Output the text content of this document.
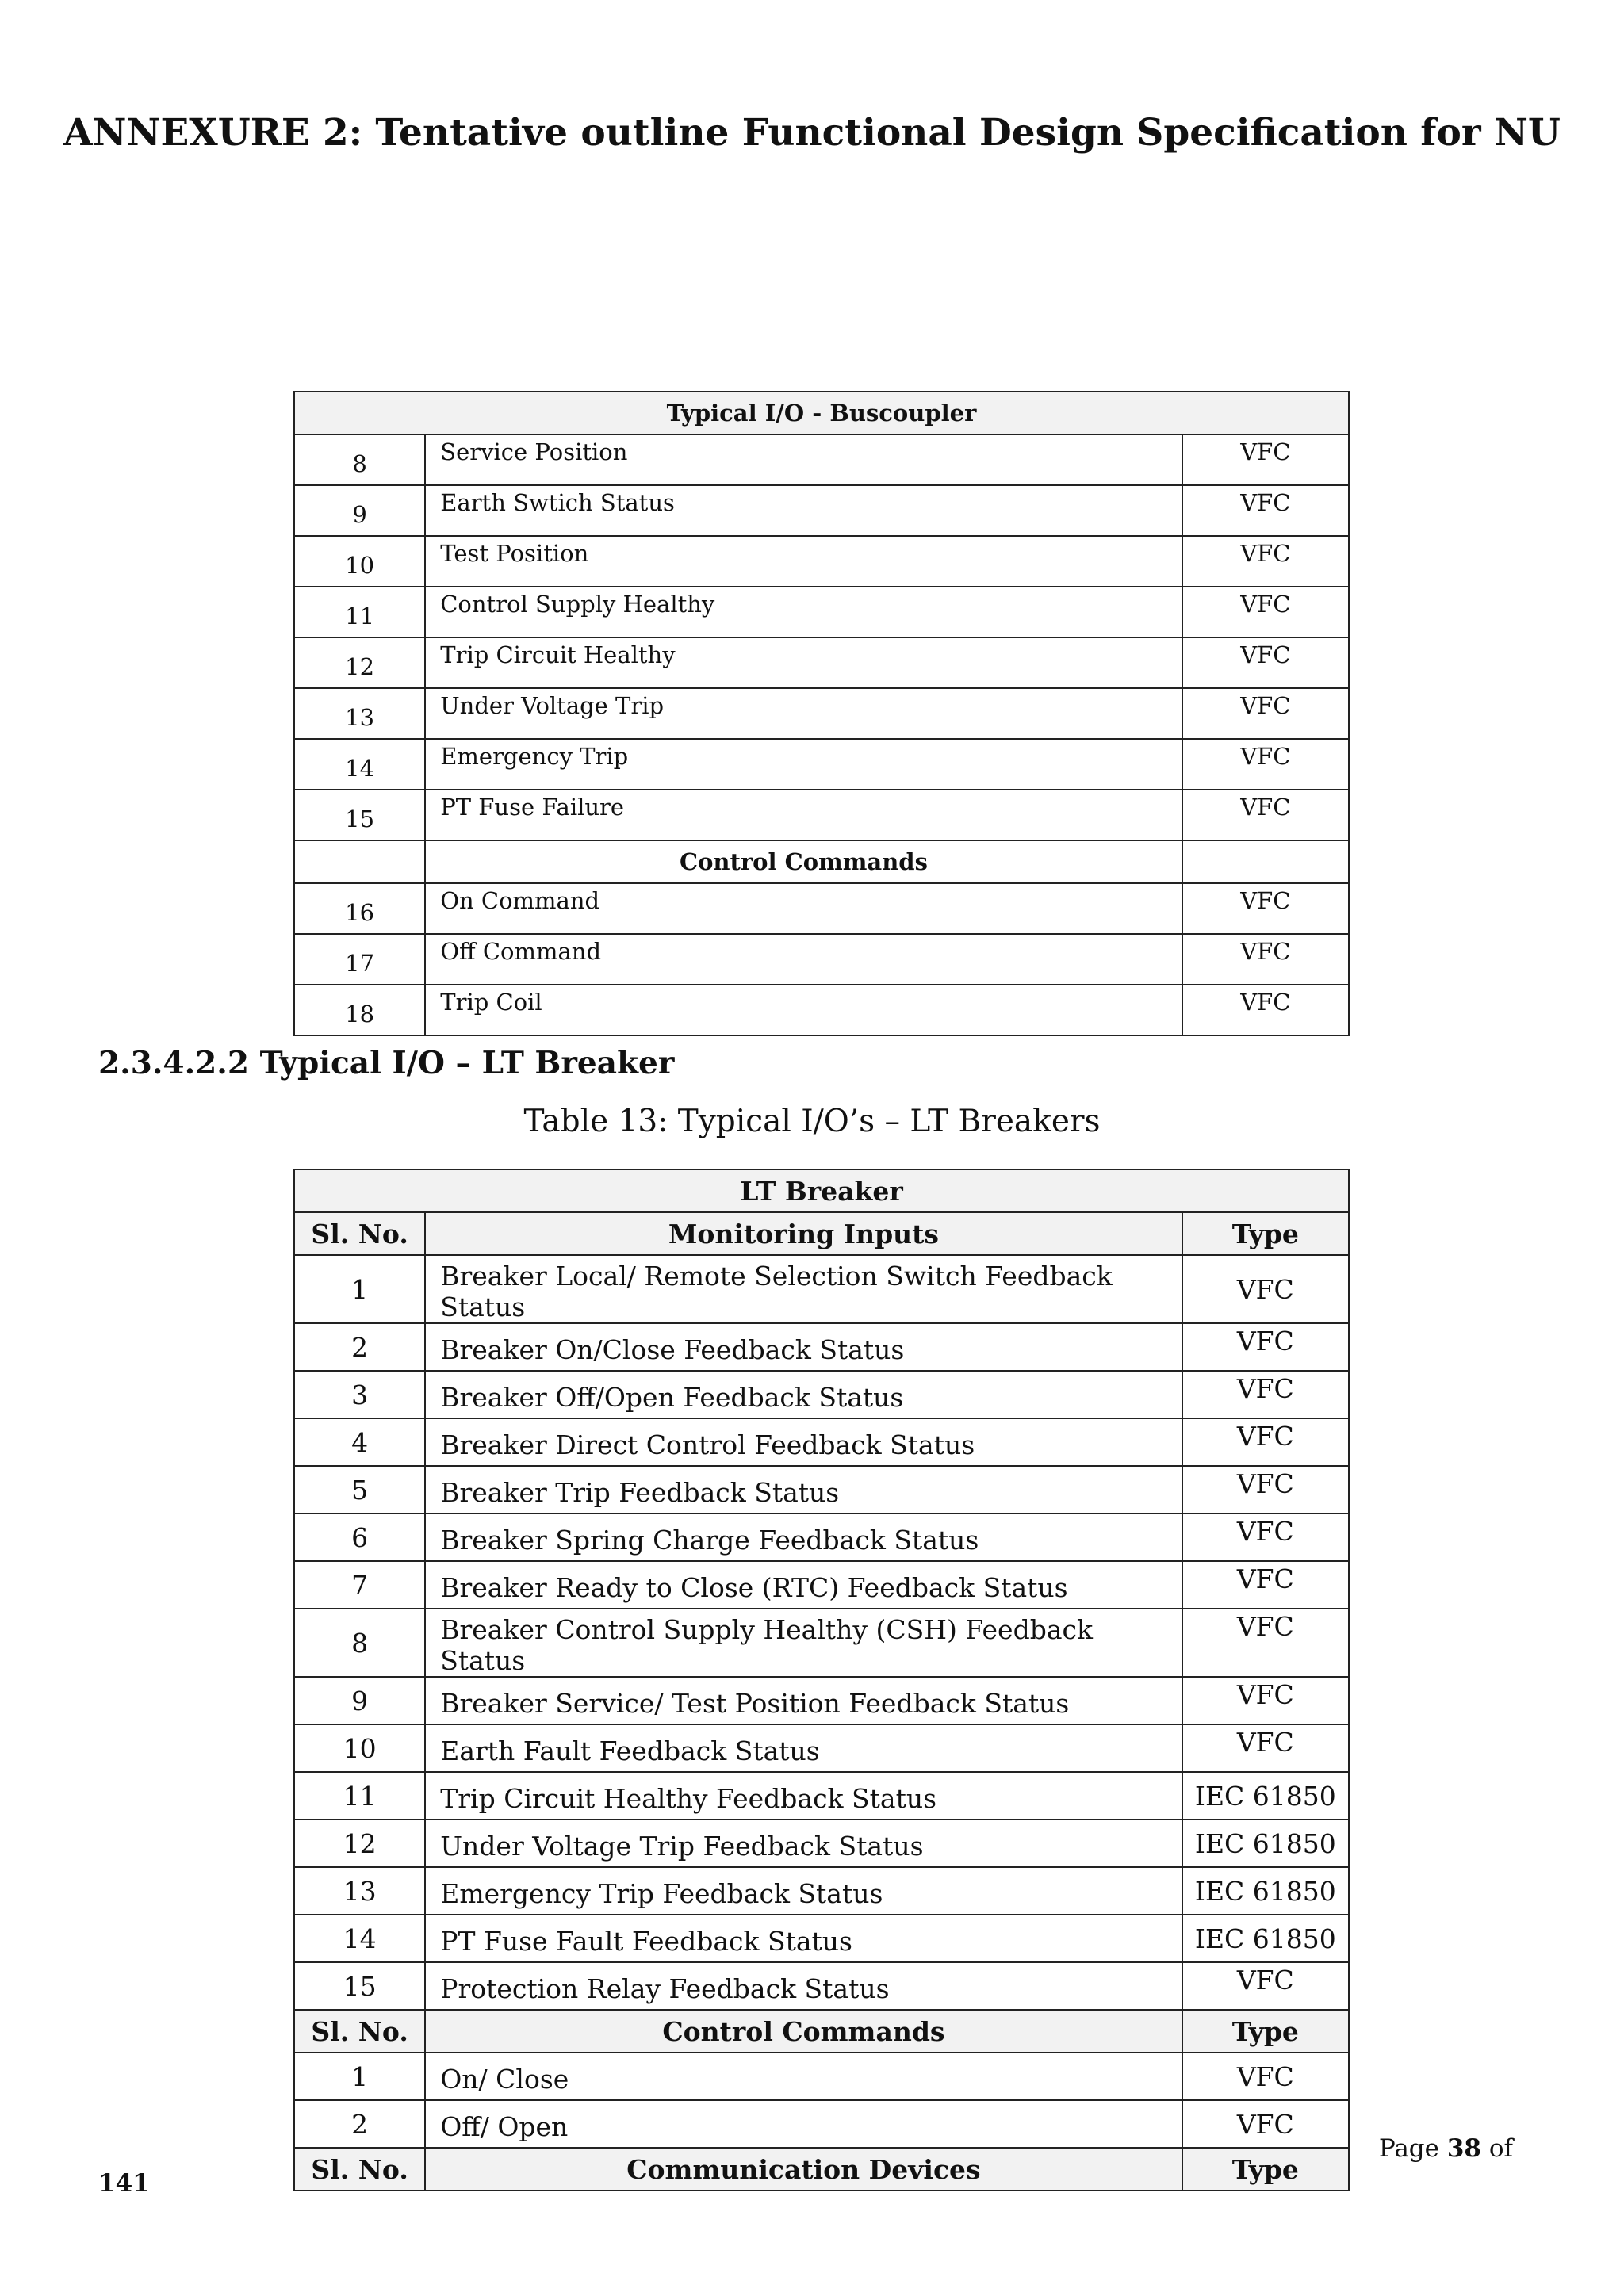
ANNEXURE 2: Tentative outline Functional Design Specification for NU
Typical I/O - Buscoupler		
8	Service Position	VFC
9	Earth Swtich Status	VFC
10	Test Position	VFC
11	Control Supply Healthy	VFC
12	Trip Circuit Healthy	VFC
13	Under Voltage Trip	VFC
14	Emergency Trip	VFC
15	PT Fuse Failure	VFC
	Control Commands	
16	On Command	VFC
17	Off Command	VFC
18	Trip Coil	VFC
2.3.4.2.2 Typical I/O – LT Breaker
Table 13: Typical I/O’s – LT Breakers
LT Breaker		
Sl. No.	Monitoring Inputs	Type
1	Breaker Local/ Remote Selection Switch Feedback Status	VFC
2	Breaker On/Close Feedback Status	VFC
3	Breaker Off/Open Feedback Status	VFC
4	Breaker Direct Control Feedback Status	VFC
5	Breaker Trip Feedback Status	VFC
6	Breaker Spring Charge Feedback Status	VFC
7	Breaker Ready to Close (RTC) Feedback Status	VFC
8	Breaker Control Supply Healthy (CSH) Feedback Status	VFC
9	Breaker Service/ Test Position Feedback Status	VFC
10	Earth Fault Feedback Status	VFC
11	Trip Circuit Healthy Feedback Status	IEC 61850
12	Under Voltage Trip Feedback Status	IEC 61850
13	Emergency Trip Feedback Status	IEC 61850
14	PT Fuse Fault Feedback Status	IEC 61850
15	Protection Relay Feedback Status	VFC
Sl. No.	Control Commands	Type
1	On/ Close	VFC
2	Off/ Open	VFC
Sl. No.	Communication Devices	Type
Page 38 of
141
